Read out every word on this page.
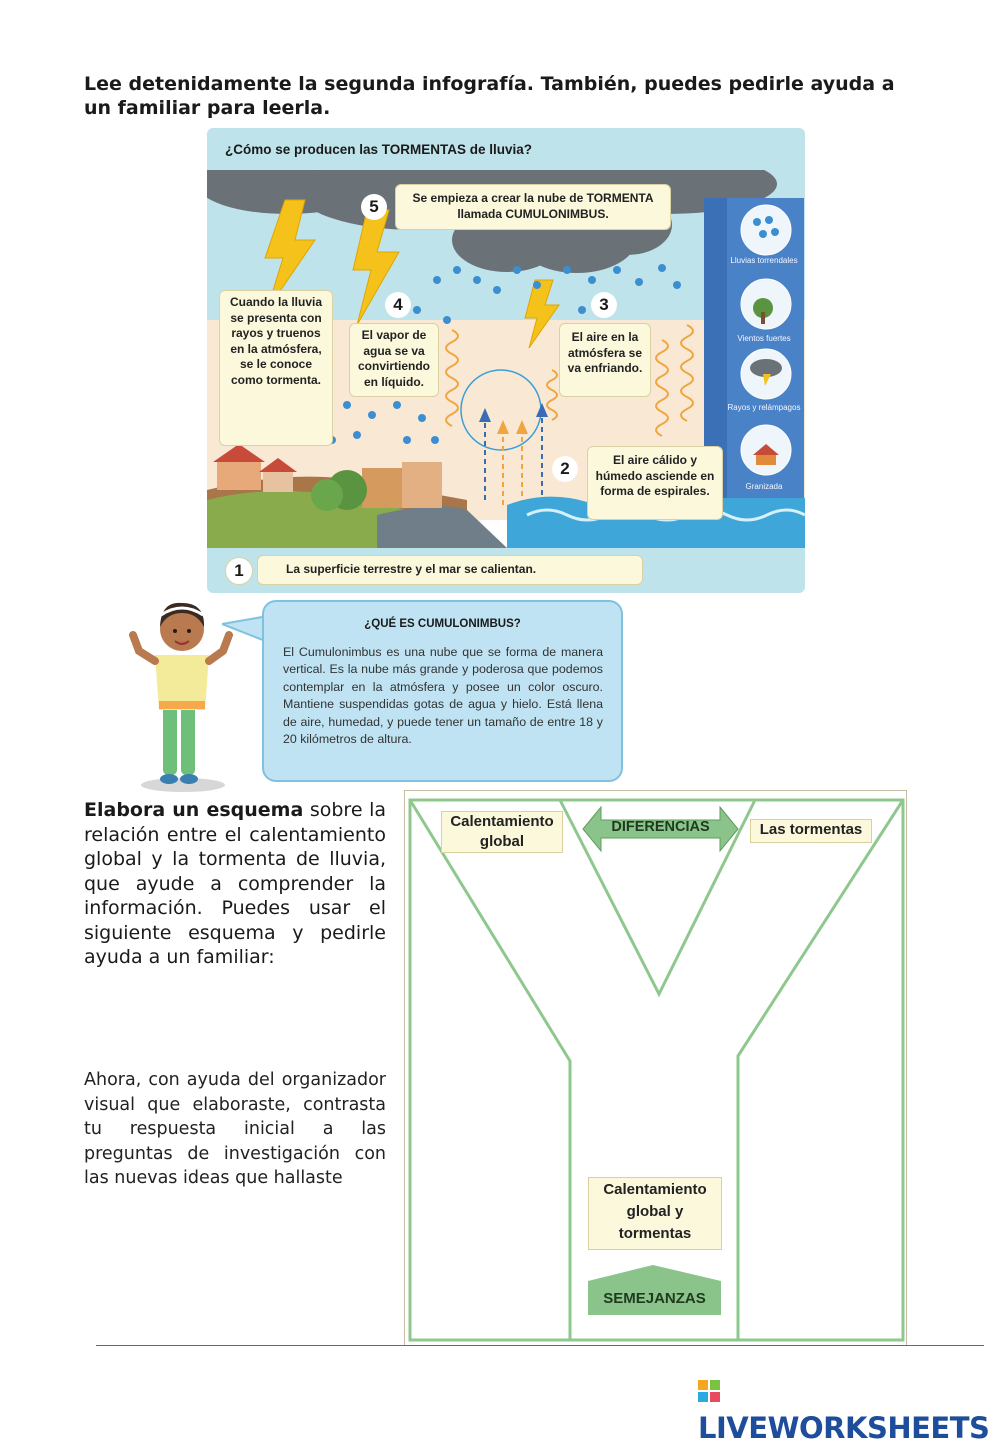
Lee detenidamente la segunda infografía. También, puedes pedirle ayuda a un familiar para leerla.
¿Cómo se producen las TORMENTAS de lluvia?
Se empieza a crear la nube de TORMENTA llamada CUMULONIMBUS.
5
Cuando la lluvia se presenta con rayos y truenos en la atmósfera, se le conoce como tormenta.
4
El vapor de agua se va convirtiendo en líquido.
3
El aire en la atmósfera se va enfriando.
2	El aire cálido y húmedo asciende en forma de espirales.
Lluvias torrendales
Vientos fuertes
Rayos y relámpagos
Granizada
1	La superficie terrestre y el mar se calientan.
¿QUÉ ES CUMULONIMBUS?
El Cumulonimbus es una nube que se forma de manera vertical. Es la nube más grande y poderosa que podemos contemplar en la atmósfera y posee un color oscuro. Mantiene suspendidas gotas de agua y hielo. Está llena de aire, humedad, y puede tener un tamaño de entre 18 y 20 kilómetros de altura.
Elabora un esquema sobre la relación entre el calentamiento global y la tormenta de lluvia, que ayude a comprender la información. Puedes usar el siguiente esquema y pedirle ayuda a un familiar:
Ahora, con ayuda del organizador visual que elaboraste, contrasta tu respuesta inicial a las preguntas de investigación con las nuevas ideas que hallaste
Calentamiento global
Las tormentas
DIFERENCIAS
Calentamiento global y tormentas
SEMEJANZAS
LIVEWORKSHEETS
